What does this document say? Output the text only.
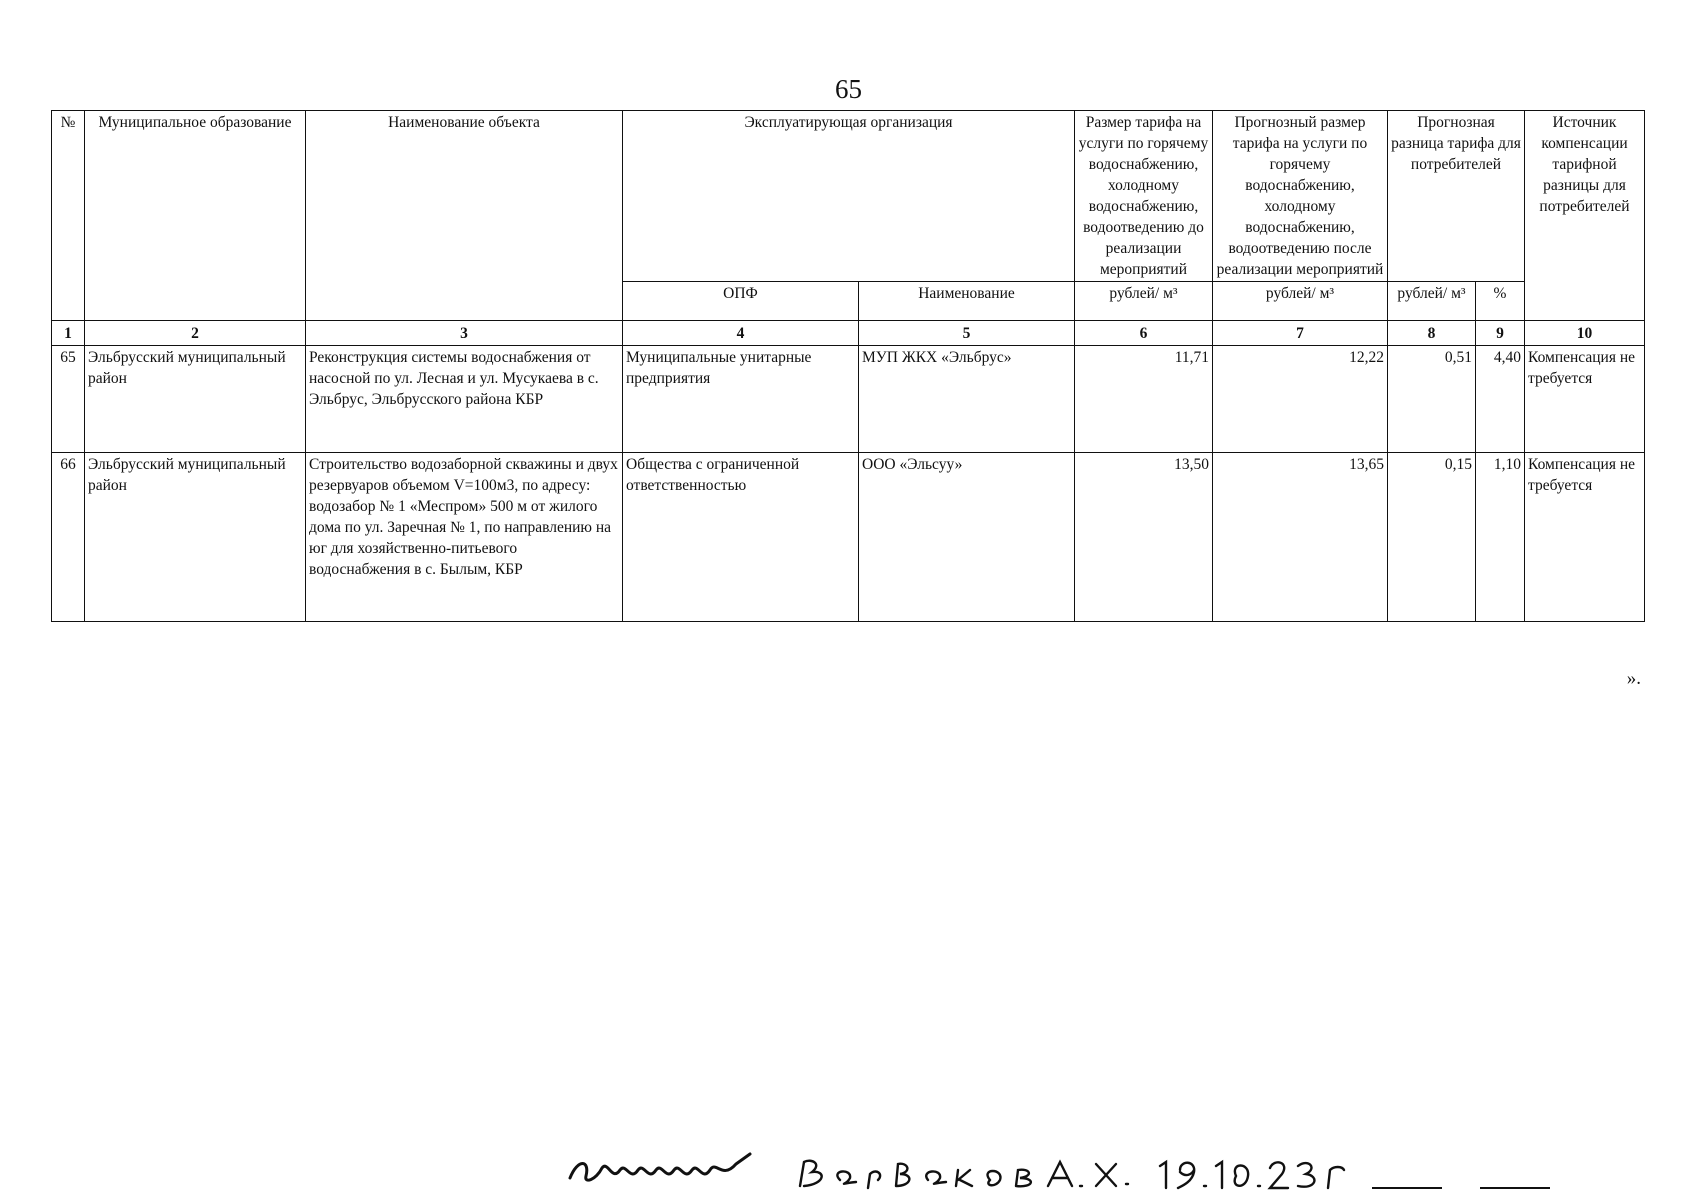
65
№	Муниципальное образование	Наименование объекта	Эксплуатирующая организация		Размер тарифа на услуги по горячему водоснабжению, холодному водоснабжению, водоотведению до реализации мероприятий	Прогнозный размер тарифа на услуги по горячему водоснабжению, холодному водоснабжению, водоотведению после реализации мероприятий	Прогнозная разница тарифа для потребителей		Источник компенсации тарифной разницы для потребителей
			ОПФ	Наименование	рублей/ м³	рублей/ м³	рублей/ м³	%	
1	2	3	4	5	6	7	8	9	10
65	Эльбрусский муниципальный район	Реконструкция системы водоснабжения от насосной по ул. Лесная и ул. Мусукаева в с. Эльбрус, Эльбрусского района КБР	Муниципальные унитарные предприятия	МУП ЖКХ «Эльбрус»	11,71	12,22	0,51	4,40	Компенсация не требуется
66	Эльбрусский муниципальный район	Строительство водозаборной скважины и двух резервуаров объемом V=100м3, по адресу: водозабор № 1 «Меспром» 500 м от жилого дома по ул. Заречная № 1, по направлению на юг для хозяйственно-питьевого водоснабжения в с. Былым, КБР	Общества с ограниченной ответственностью	ООО «Эльсуу»	13,50	13,65	0,15	1,10	Компенсация не требуется
».
